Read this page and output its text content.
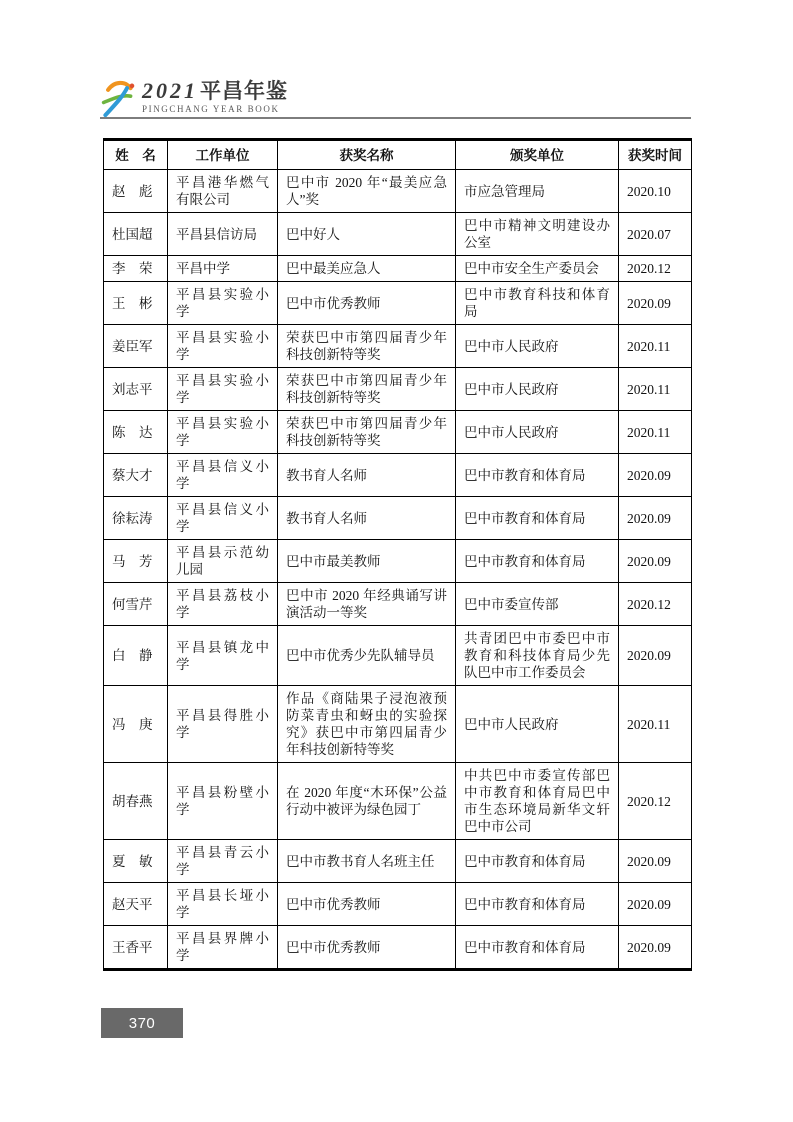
2021平昌年鉴
PINGCHANG YEAR BOOK
姓　名	工作单位	获奖名称	颁奖单位	获奖时间
赵　彪	平昌港华燃气有限公司	巴中市 2020 年“最美应急人”奖	市应急管理局	2020.10
杜国超	平昌县信访局	巴中好人	巴中市精神文明建设办公室	2020.07
李　荣	平昌中学	巴中最美应急人	巴中市安全生产委员会	2020.12
王　彬	平昌县实验小学	巴中市优秀教师	巴中市教育科技和体育局	2020.09
姜臣军	平昌县实验小学	荣获巴中市第四届青少年科技创新特等奖	巴中市人民政府	2020.11
刘志平	平昌县实验小学	荣获巴中市第四届青少年科技创新特等奖	巴中市人民政府	2020.11
陈　达	平昌县实验小学	荣获巴中市第四届青少年科技创新特等奖	巴中市人民政府	2020.11
蔡大才	平昌县信义小学	教书育人名师	巴中市教育和体育局	2020.09
徐耘涛	平昌县信义小学	教书育人名师	巴中市教育和体育局	2020.09
马　芳	平昌县示范幼儿园	巴中市最美教师	巴中市教育和体育局	2020.09
何雪芹	平昌县荔枝小学	巴中市 2020 年经典诵写讲演活动一等奖	巴中市委宣传部	2020.12
白　静	平昌县镇龙中学	巴中市优秀少先队辅导员	共青团巴中市委巴中市教育和科技体育局少先队巴中市工作委员会	2020.09
冯　庚	平昌县得胜小学	作品《商陆果子浸泡液预防菜青虫和蚜虫的实验探究》获巴中市第四届青少年科技创新特等奖	巴中市人民政府	2020.11
胡春燕	平昌县粉壁小学	在 2020 年度“木环保”公益行动中被评为绿色园丁	中共巴中市委宣传部巴中市教育和体育局巴中市生态环境局新华文轩巴中市公司	2020.12
夏　敏	平昌县青云小学	巴中市教书育人名班主任	巴中市教育和体育局	2020.09
赵天平	平昌县长垭小学	巴中市优秀教师	巴中市教育和体育局	2020.09
王香平	平昌县界牌小学	巴中市优秀教师	巴中市教育和体育局	2020.09
370
